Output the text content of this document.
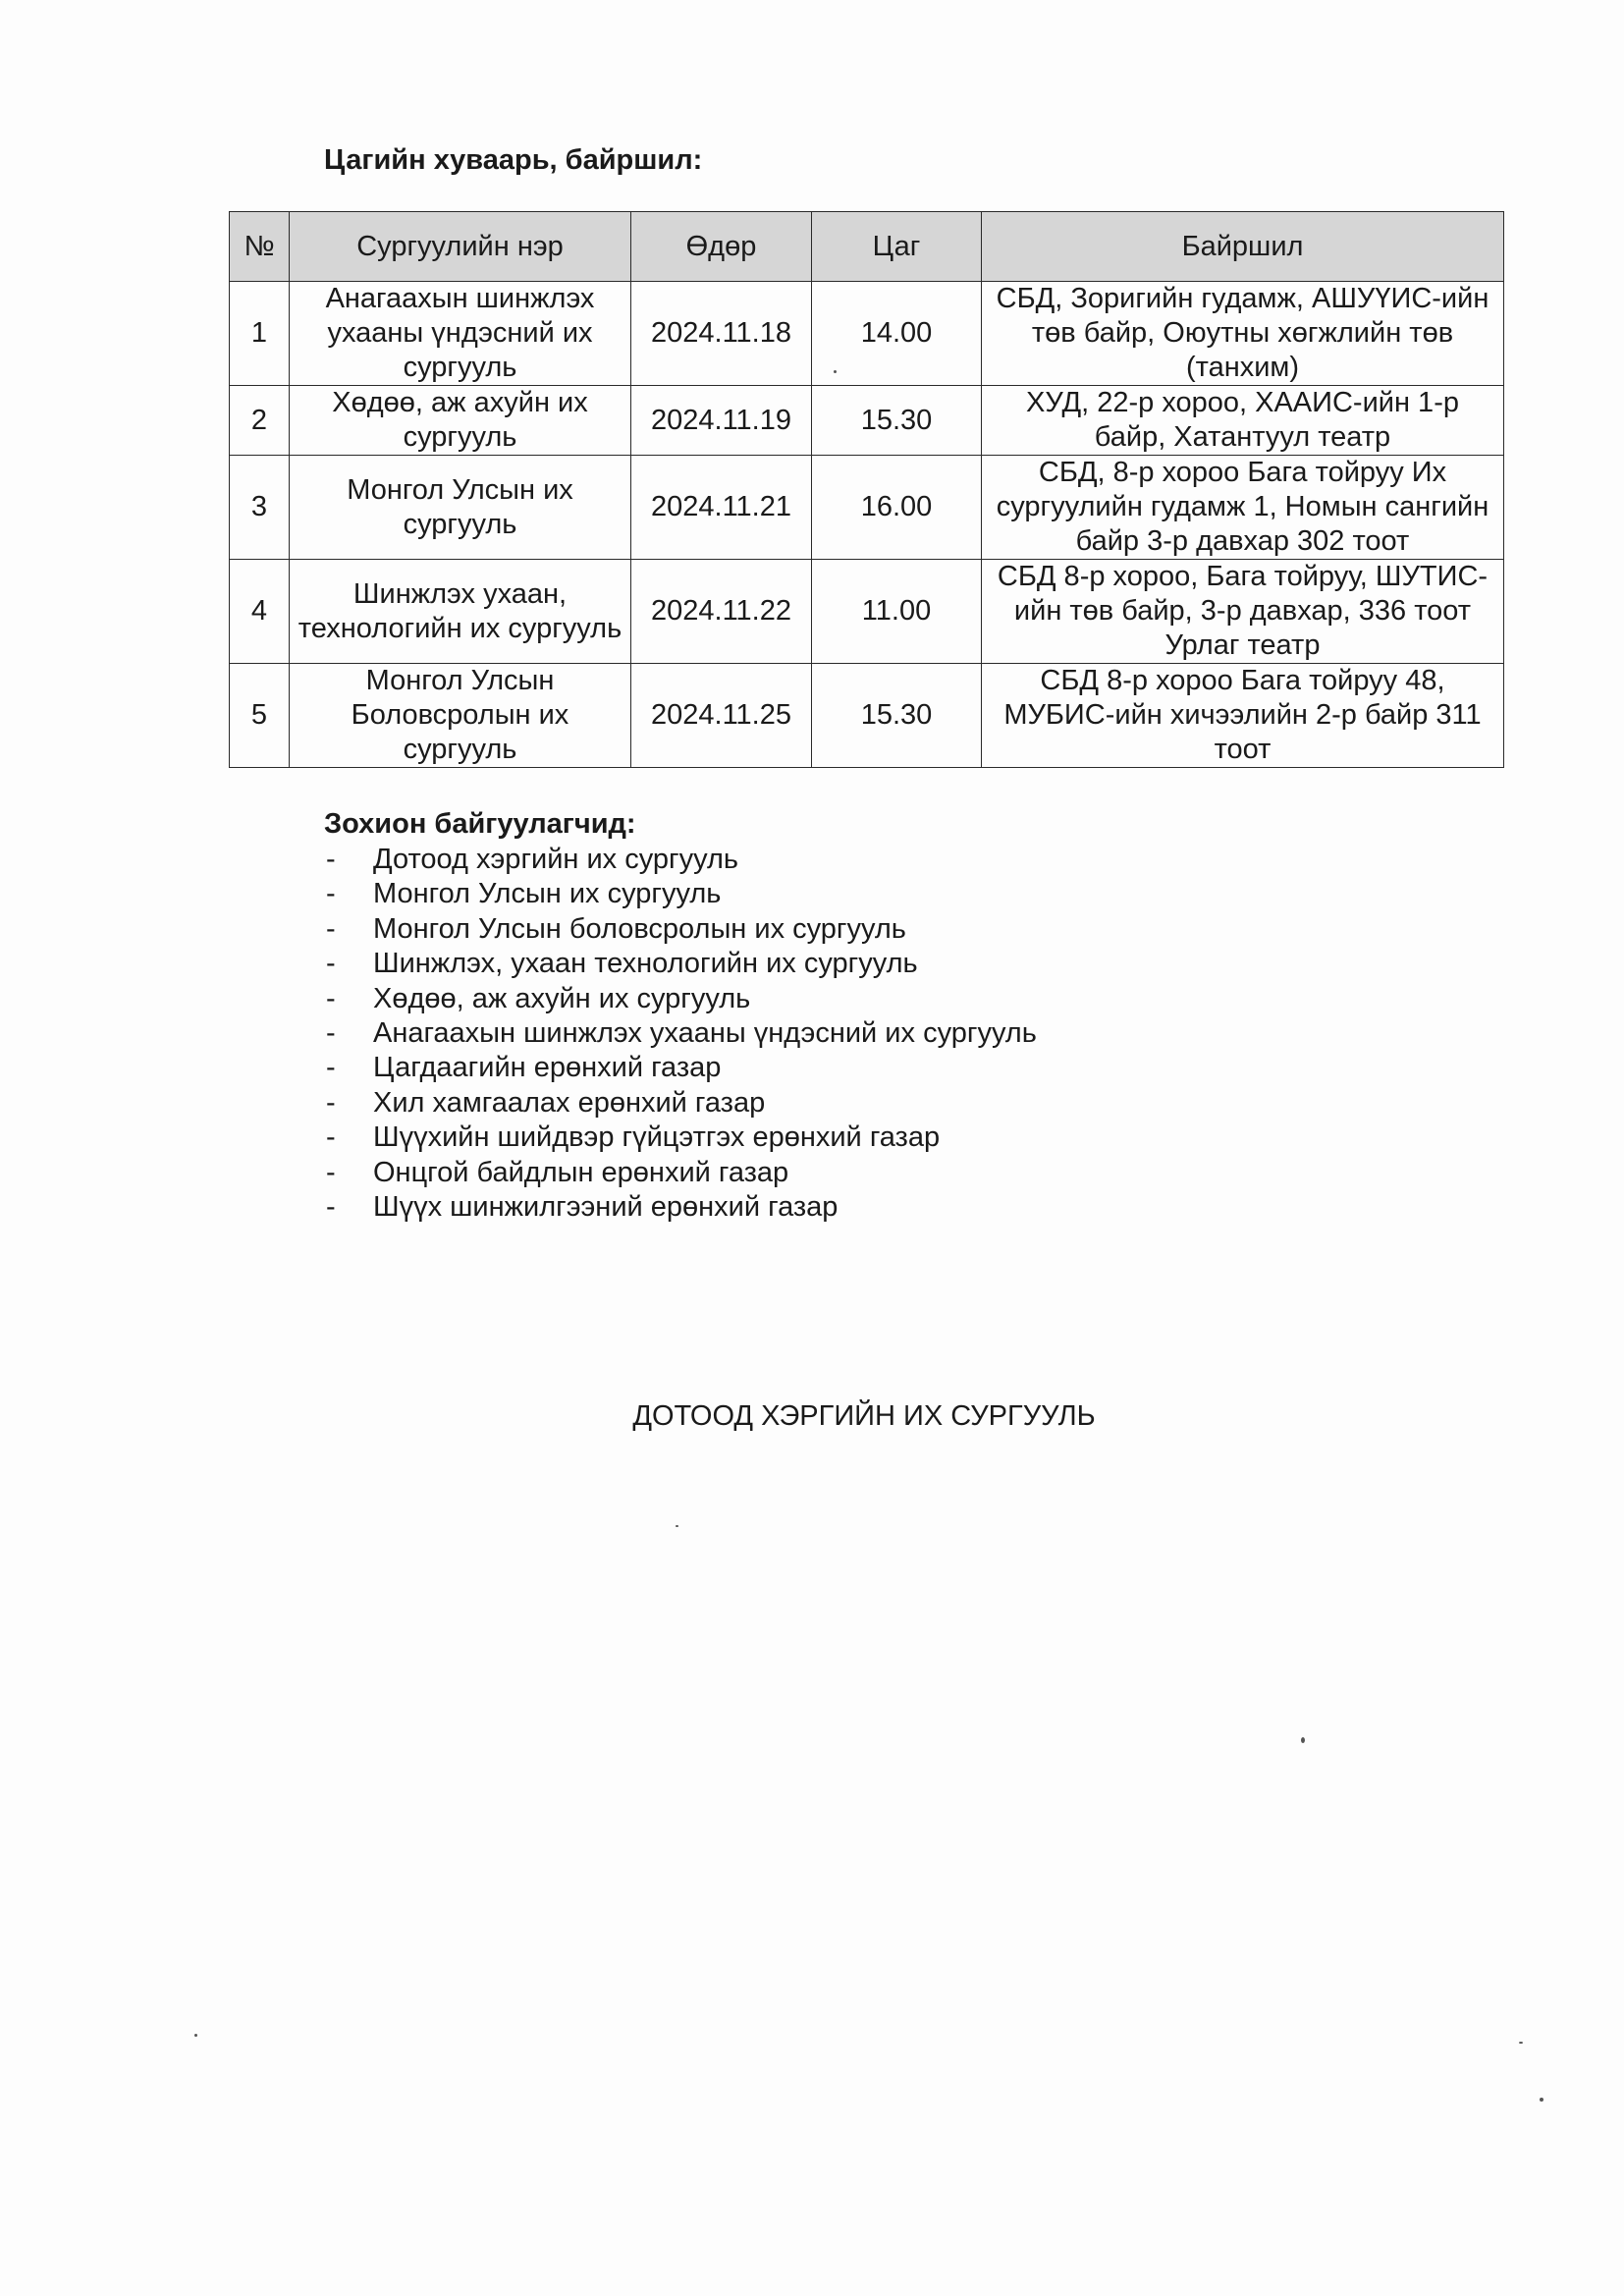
Цагийн хуваарь, байршил:
№	Сургуулийн нэр	Өдөр	Цаг	Байршил
1	Анагаахын шинжлэх ухааны үндэсний их сургууль	2024.11.18	14.00	СБД, Зоригийн гудамж, АШУҮИС-ийн төв байр, Оюутны хөгжлийн төв (танхим)
2	Хөдөө, аж ахуйн их сургууль	2024.11.19	15.30	ХУД, 22-р хороо, ХААИС-ийн 1-р байр, Хатантуул театр
3	Монгол Улсын их сургууль	2024.11.21	16.00	СБД, 8-р хороо Бага тойруу Их сургуулийн гудамж 1, Номын сангийн байр 3-р давхар 302 тоот
4	Шинжлэх ухаан, технологийн их сургууль	2024.11.22	11.00	СБД 8-р хороо, Бага тойруу, ШУТИС-ийн төв байр, 3-р давхар, 336 тоот Урлаг театр
5	Монгол Улсын Боловсролын их сургууль	2024.11.25	15.30	СБД 8-р хороо Бага тойруу 48, МУБИС-ийн хичээлийн 2-р байр 311 тоот
Зохион байгуулагчид:
- Дотоод хэргийн их сургууль
- Монгол Улсын их сургууль
- Монгол Улсын боловсролын их сургууль
- Шинжлэх, ухаан технологийн их сургууль
- Хөдөө, аж ахуйн их сургууль
- Анагаахын шинжлэх ухааны үндэсний их сургууль
- Цагдаагийн ерөнхий газар
- Хил хамгаалах ерөнхий газар
- Шүүхийн шийдвэр гүйцэтгэх ерөнхий газар
- Онцгой байдлын ерөнхий газар
- Шүүх шинжилгээний ерөнхий газар

ДОТООД ХЭРГИЙН ИХ СУРГУУЛЬ
